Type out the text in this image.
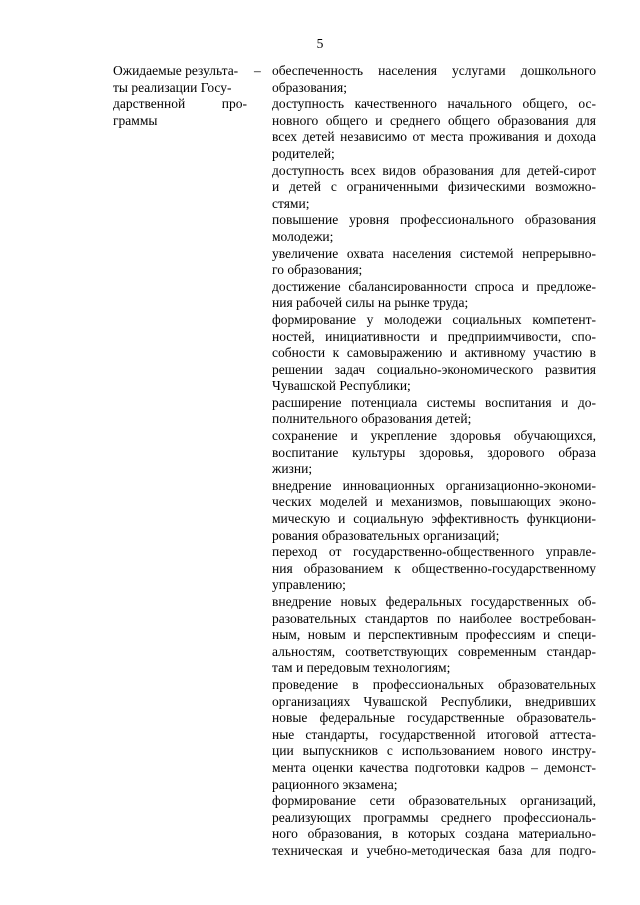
5
Ожидаемые результа-
ты реализации Госу-
дарственной	про-
граммы
– обеспеченность населения услугами дошкольного
образования;
доступность качественного начального общего, ос-
новного общего и среднего общего образования для
всех детей независимо от места проживания и дохода
родителей;
доступность всех видов образования для детей-сирот
и детей с ограниченными физическими возможно-
стями;
повышение уровня профессионального образования
молодежи;
увеличение охвата населения системой непрерывно-
го образования;
достижение сбалансированности спроса и предложе-
ния рабочей силы на рынке труда;
формирование у молодежи социальных компетент-
ностей, инициативности и предприимчивости, спо-
собности к самовыражению и активному участию в
решении задач социально-экономического развития
Чувашской Республики;
расширение потенциала системы воспитания и до-
полнительного образования детей;
сохранение и укрепление здоровья обучающихся,
воспитание культуры здоровья, здорового образа
жизни;
внедрение инновационных организационно-экономи-
ческих моделей и механизмов, повышающих эконо-
мическую и социальную эффективность функциони-
рования образовательных организаций;
переход от государственно-общественного управле-
ния образованием к общественно-государственному
управлению;
внедрение новых федеральных государственных об-
разовательных стандартов по наиболее востребован-
ным, новым и перспективным профессиям и специ-
альностям, соответствующих современным стандар-
там и передовым технологиям;
проведение в профессиональных образовательных
организациях Чувашской Республики, внедривших
новые федеральные государственные образователь-
ные стандарты, государственной итоговой аттеста-
ции выпускников с использованием нового инстру-
мента оценки качества подготовки кадров – демонст-
рационного экзамена;
формирование сети образовательных организаций,
реализующих программы среднего профессиональ-
ного образования, в которых создана материально-
техническая и учебно-методическая база для подго-
